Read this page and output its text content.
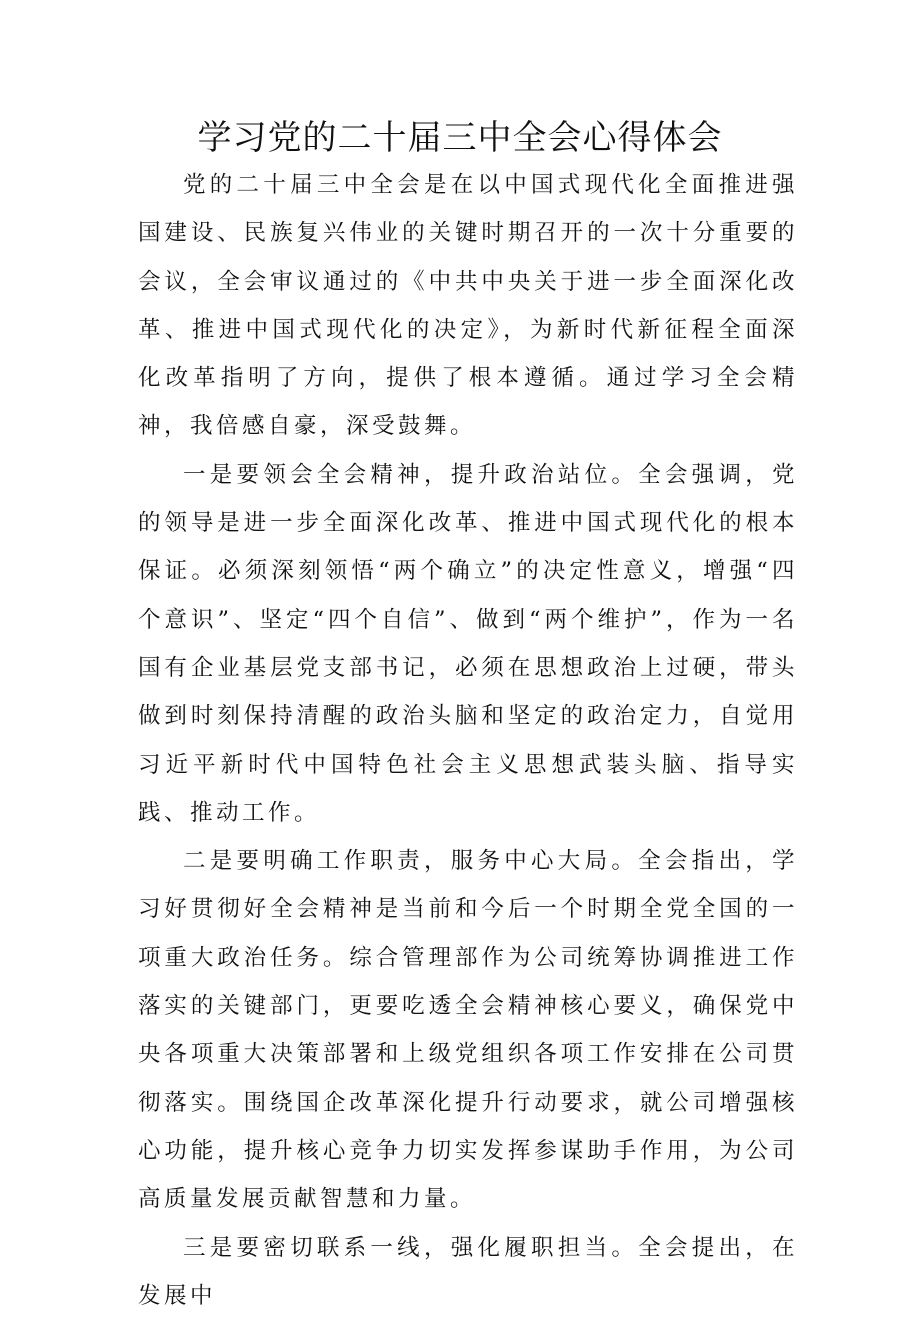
学习党的二十届三中全会心得体会

党的二十届三中全会是在以中国式现代化全面推进强国建设、民族复兴伟业的关键时期召开的一次十分重要的会议，全会审议通过的《中共中央关于进一步全面深化改革、推进中国式现代化的决定》，为新时代新征程全面深化改革指明了方向，提供了根本遵循。通过学习全会精神，我倍感自豪，深受鼓舞。

一是要领会全会精神，提升政治站位。全会强调，党的领导是进一步全面深化改革、推进中国式现代化的根本保证。必须深刻领悟“两个确立”的决定性意义，增强“四个意识”、坚定“四个自信”、做到“两个维护”，作为一名国有企业基层党支部书记，必须在思想政治上过硬，带头做到时刻保持清醒的政治头脑和坚定的政治定力，自觉用习近平新时代中国特色社会主义思想武装头脑、指导实践、推动工作。

二是要明确工作职责，服务中心大局。全会指出，学习好贯彻好全会精神是当前和今后一个时期全党全国的一项重大政治任务。综合管理部作为公司统筹协调推进工作落实的关键部门，更要吃透全会精神核心要义，确保党中央各项重大决策部署和上级党组织各项工作安排在公司贯彻落实。围绕国企改革深化提升行动要求，就公司增强核心功能，提升核心竞争力切实发挥参谋助手作用，为公司高质量发展贡献智慧和力量。

三是要密切联系一线，强化履职担当。全会提出，在发展中
